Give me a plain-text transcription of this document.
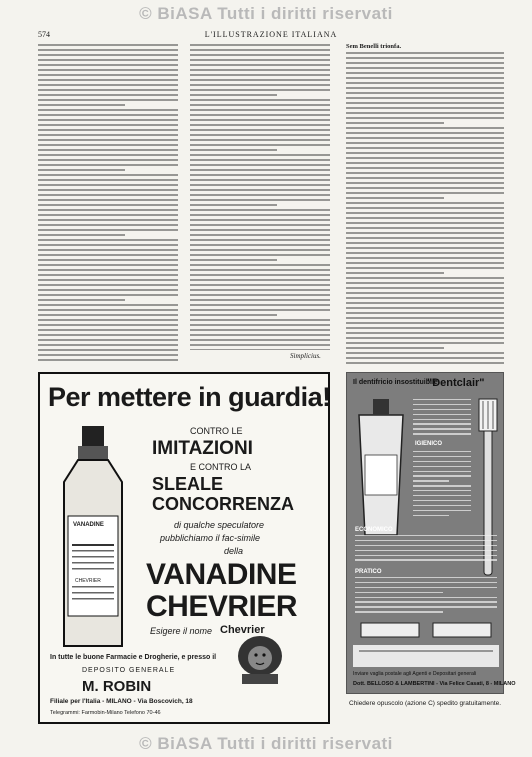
© BiASA Tutti i diritti riservati
© BiASA Tutti i diritti riservati
574	L'ILLUSTRAZIONE ITALIANA
Simplicius.
Sem Benelli trionfa.
Per mettere in guardia!
VANADINE
CHEVRIER
CONTRO LE
IMITAZIONI
E CONTRO LA
SLEALE
CONCORRENZA
di qualche speculatore
pubblichiamo il fac-simile
della
VANADINE
CHEVRIER
Esigere il nome Chevrier
In tutte le buone Farmacie e Drogherie, e presso il
DEPOSITO GENERALE
M. ROBIN
Filiale per l'Italia - MILANO - Via Boscovich, 18
Telegrammi: Farmobin-Milano Telefono 70-46
Il dentifricio insostituibile
"Dentclair"
IGIENICO
ECONOMICO
PRATICO
Inviare vaglia postale agli Agenti e Depositari generali
Dott. BELLOSO & LAMBERTINI - Via Felice Casati, 8 - MILANO
Chiedere opuscolo (azione C) spedito gratuitamente.
